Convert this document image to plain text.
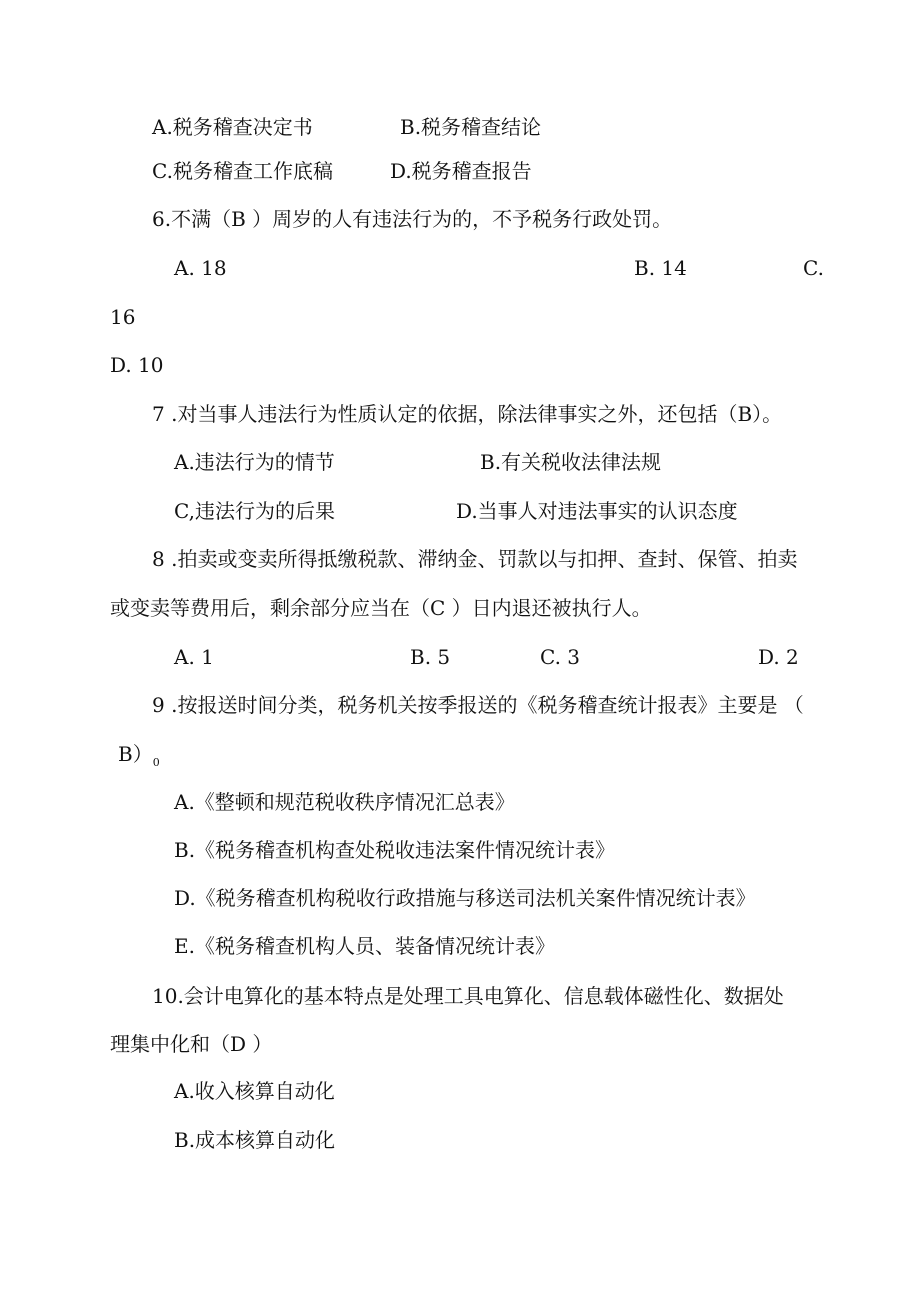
A.税务稽查决定书	B.税务稽查结论
C.税务稽查工作底稿	D.税务稽查报告
6.不满（B ）周岁的人有违法行为的，不予税务行政处罚。
A. 18	B. 14	C.
16
D. 10
7 .对当事人违法行为性质认定的依据，除法律事实之外，还包括（B）。
A.违法行为的情节	B.有关税收法律法规
C,违法行为的后果	D.当事人对违法事实的认识态度
8 .拍卖或变卖所得抵缴税款、滞纳金、罚款以与扣押、查封、保管、拍卖
或变卖等费用后，剩余部分应当在（C ）日内退还被执行人。
A. 1	B. 5	C. 3	D. 2
9 .按报送时间分类，税务机关按季报送的《税务稽查统计报表》主要是 （
$B)_0$
A.《整顿和规范税收秩序情况汇总表》
B.《税务稽查机构查处税收违法案件情况统计表》
D.《税务稽查机构税收行政措施与移送司法机关案件情况统计表》
E.《税务稽查机构人员、装备情况统计表》
10.会计电算化的基本特点是处理工具电算化、信息载体磁性化、数据处
理集中化和（D ）
A.收入核算自动化
B.成本核算自动化
